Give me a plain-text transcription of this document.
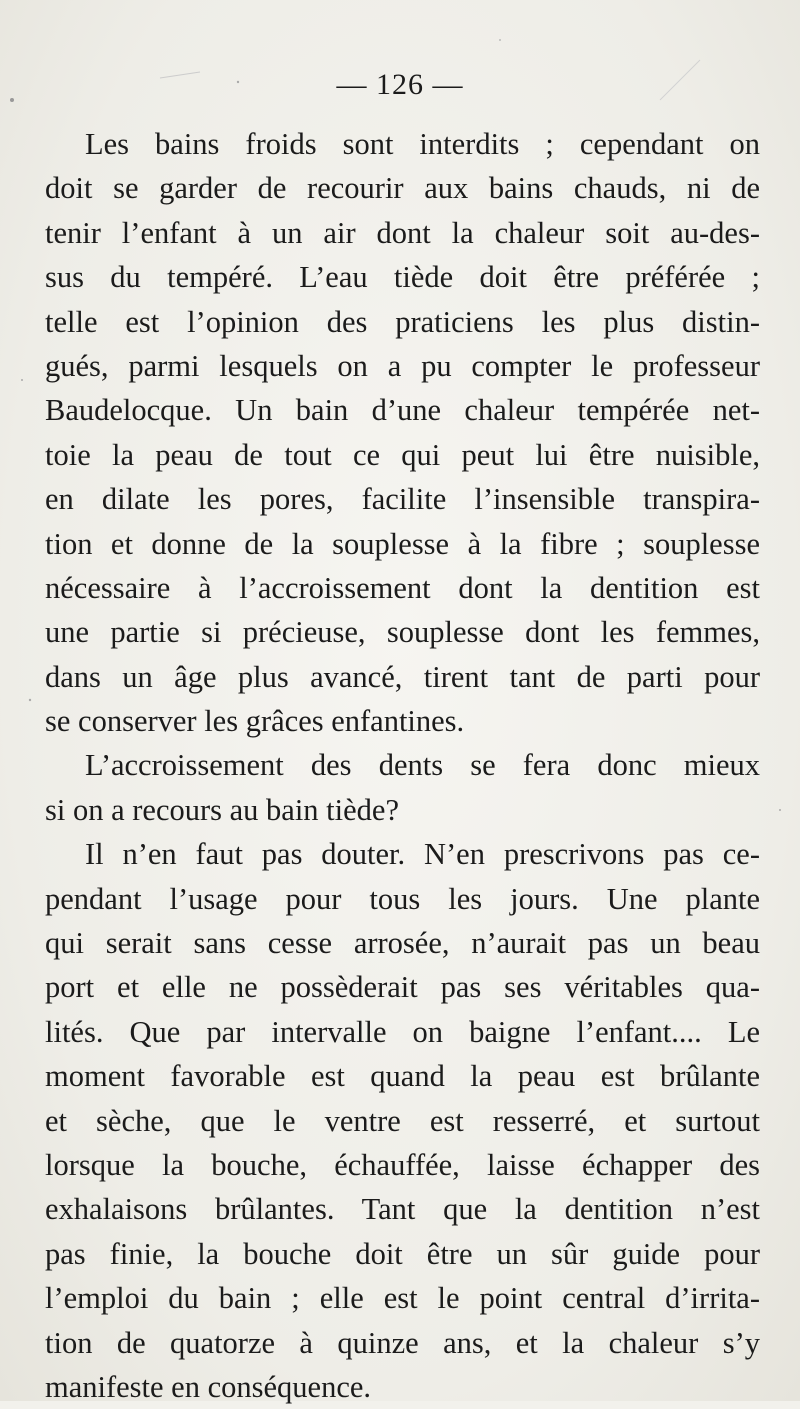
— 126 —
Les bains froids sont interdits ; cependant on
doit se garder de recourir aux bains chauds, ni de
tenir l’enfant à un air dont la chaleur soit au-des-
sus du tempéré. L’eau tiède doit être préférée ;
telle est l’opinion des praticiens les plus distin-
gués, parmi lesquels on a pu compter le professeur
Baudelocque. Un bain d’une chaleur tempérée net-
toie la peau de tout ce qui peut lui être nuisible,
en dilate les pores, facilite l’insensible transpira-
tion et donne de la souplesse à la fibre ; souplesse
nécessaire à l’accroissement dont la dentition est
une partie si précieuse, souplesse dont les femmes,
dans un âge plus avancé, tirent tant de parti pour
se conserver les grâces enfantines.
L’accroissement des dents se fera donc mieux
si on a recours au bain tiède?
Il n’en faut pas douter. N’en prescrivons pas ce-
pendant l’usage pour tous les jours. Une plante
qui serait sans cesse arrosée, n’aurait pas un beau
port et elle ne possèderait pas ses véritables qua-
lités. Que par intervalle on baigne l’enfant.... Le
moment favorable est quand la peau est brûlante
et sèche, que le ventre est resserré, et surtout
lorsque la bouche, échauffée, laisse échapper des
exhalaisons brûlantes. Tant que la dentition n’est
pas finie, la bouche doit être un sûr guide pour
l’emploi du bain ; elle est le point central d’irrita-
tion de quatorze à quinze ans, et la chaleur s’y
manifeste en conséquence.
